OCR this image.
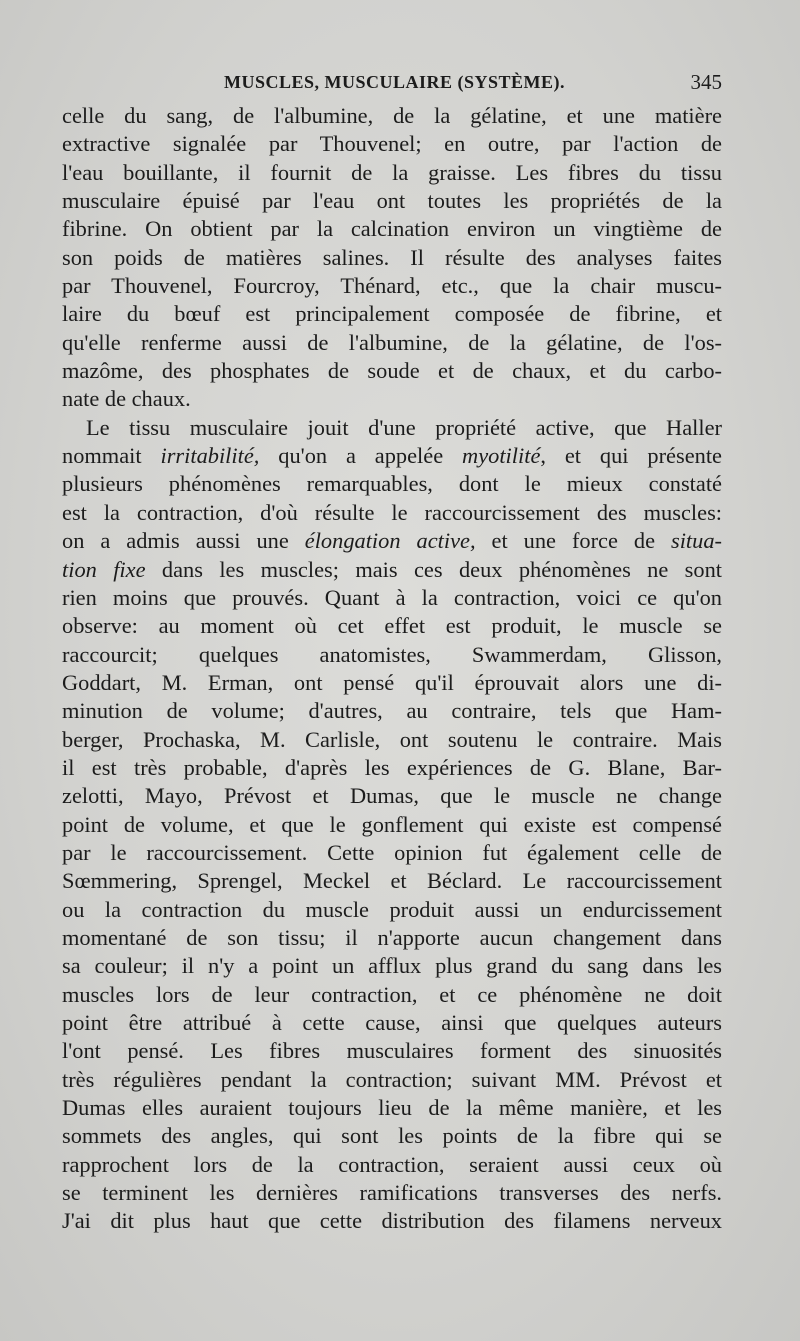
MUSCLES, MUSCULAIRE (SYSTÈME).	345
celle du sang, de l'albumine, de la gélatine, et une matière
extractive signalée par Thouvenel; en outre, par l'action de
l'eau bouillante, il fournit de la graisse. Les fibres du tissu
musculaire épuisé par l'eau ont toutes les propriétés de la
fibrine. On obtient par la calcination environ un vingtième de
son poids de matières salines. Il résulte des analyses faites
par Thouvenel, Fourcroy, Thénard, etc., que la chair muscu-
laire du bœuf est principalement composée de fibrine, et
qu'elle renferme aussi de l'albumine, de la gélatine, de l'os-
mazôme, des phosphates de soude et de chaux, et du carbo-
nate de chaux.
Le tissu musculaire jouit d'une propriété active, que Haller
nommait irritabilité, qu'on a appelée myotilité, et qui présente
plusieurs phénomènes remarquables, dont le mieux constaté
est la contraction, d'où résulte le raccourcissement des muscles:
on a admis aussi une élongation active, et une force de situa-
tion fixe dans les muscles; mais ces deux phénomènes ne sont
rien moins que prouvés. Quant à la contraction, voici ce qu'on
observe: au moment où cet effet est produit, le muscle se
raccourcit; quelques anatomistes, Swammerdam, Glisson,
Goddart, M. Erman, ont pensé qu'il éprouvait alors une di-
minution de volume; d'autres, au contraire, tels que Ham-
berger, Prochaska, M. Carlisle, ont soutenu le contraire. Mais
il est très probable, d'après les expériences de G. Blane, Bar-
zelotti, Mayo, Prévost et Dumas, que le muscle ne change
point de volume, et que le gonflement qui existe est compensé
par le raccourcissement. Cette opinion fut également celle de
Sœmmering, Sprengel, Meckel et Béclard. Le raccourcissement
ou la contraction du muscle produit aussi un endurcissement
momentané de son tissu; il n'apporte aucun changement dans
sa couleur; il n'y a point un afflux plus grand du sang dans les
muscles lors de leur contraction, et ce phénomène ne doit
point être attribué à cette cause, ainsi que quelques auteurs
l'ont pensé. Les fibres musculaires forment des sinuosités
très régulières pendant la contraction; suivant MM. Prévost et
Dumas elles auraient toujours lieu de la même manière, et les
sommets des angles, qui sont les points de la fibre qui se
rapprochent lors de la contraction, seraient aussi ceux où
se terminent les dernières ramifications transverses des nerfs.
J'ai dit plus haut que cette distribution des filamens nerveux
